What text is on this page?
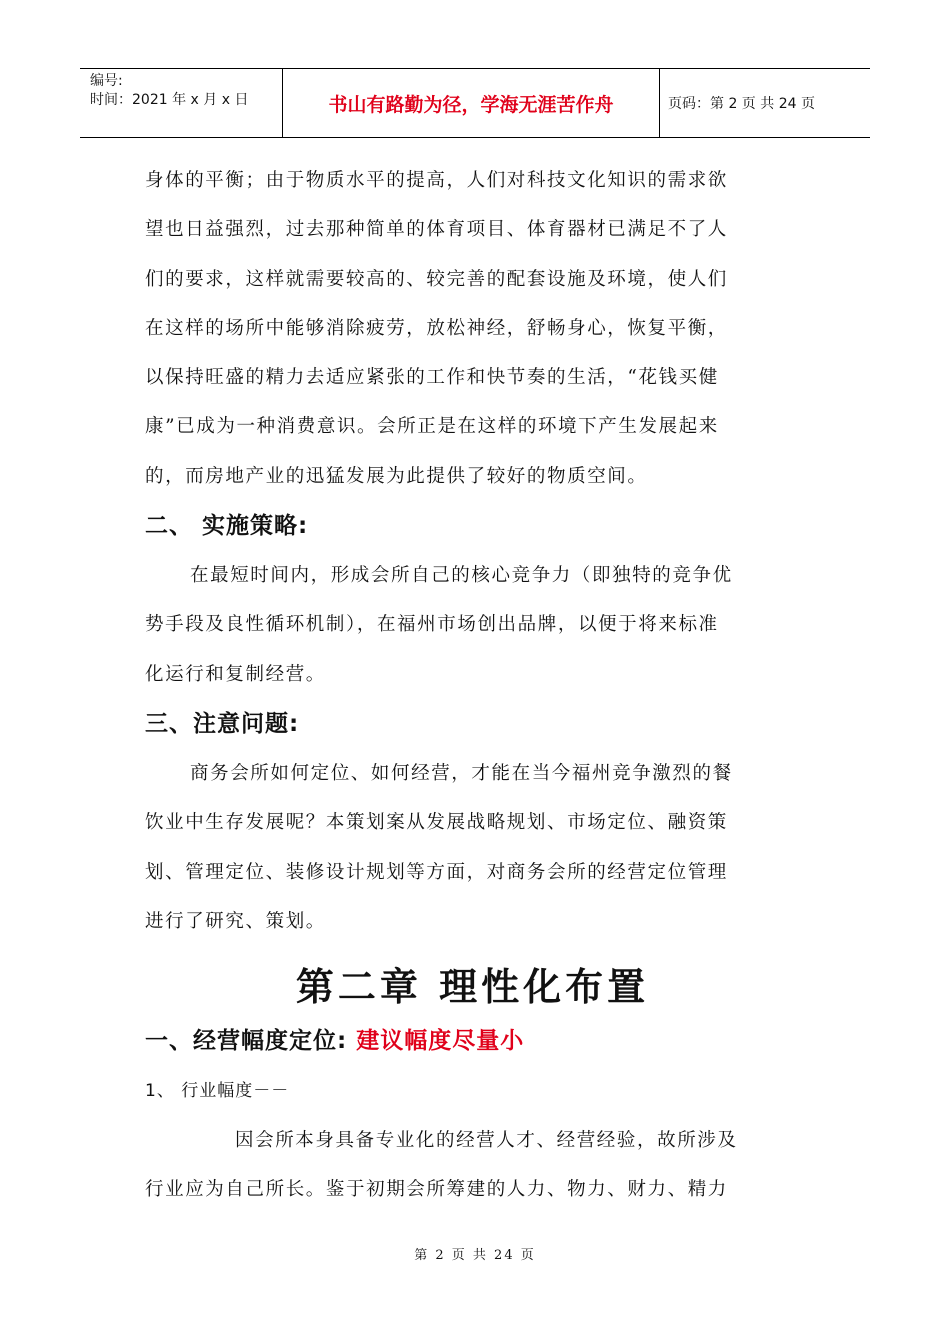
编号:
时间：2021 年 x 月 x 日	书山有路勤为径，学海无涯苦作舟	页码：第 2 页 共 24 页

身体的平衡；由于物质水平的提高，人们对科技文化知识的需求欲

望也日益强烈，过去那种简单的体育项目、体育器材已满足不了人

们的要求，这样就需要较高的、较完善的配套设施及环境，使人们

在这样的场所中能够消除疲劳，放松神经，舒畅身心，恢复平衡，

以保持旺盛的精力去适应紧张的工作和快节奏的生活，“花钱买健

康”已成为一种消费意识。会所正是在这样的环境下产生发展起来

的，而房地产业的迅猛发展为此提供了较好的物质空间。

二、 实施策略:

在最短时间内，形成会所自己的核心竞争力（即独特的竞争优

势手段及良性循环机制），在福州市场创出品牌，以便于将来标准

化运行和复制经营。

三、注意问题:

商务会所如何定位、如何经营，才能在当今福州竞争激烈的餐

饮业中生存发展呢？本策划案从发展战略规划、市场定位、融资策

划、管理定位、装修设计规划等方面，对商务会所的经营定位管理

进行了研究、策划。

第二章 理性化布置
一、经营幅度定位: 建议幅度尽量小

1、 行业幅度－－

因会所本身具备专业化的经营人才、经营经验，故所涉及

行业应为自己所长。鉴于初期会所筹建的人力、物力、财力、精力

第 2 页 共 24 页
